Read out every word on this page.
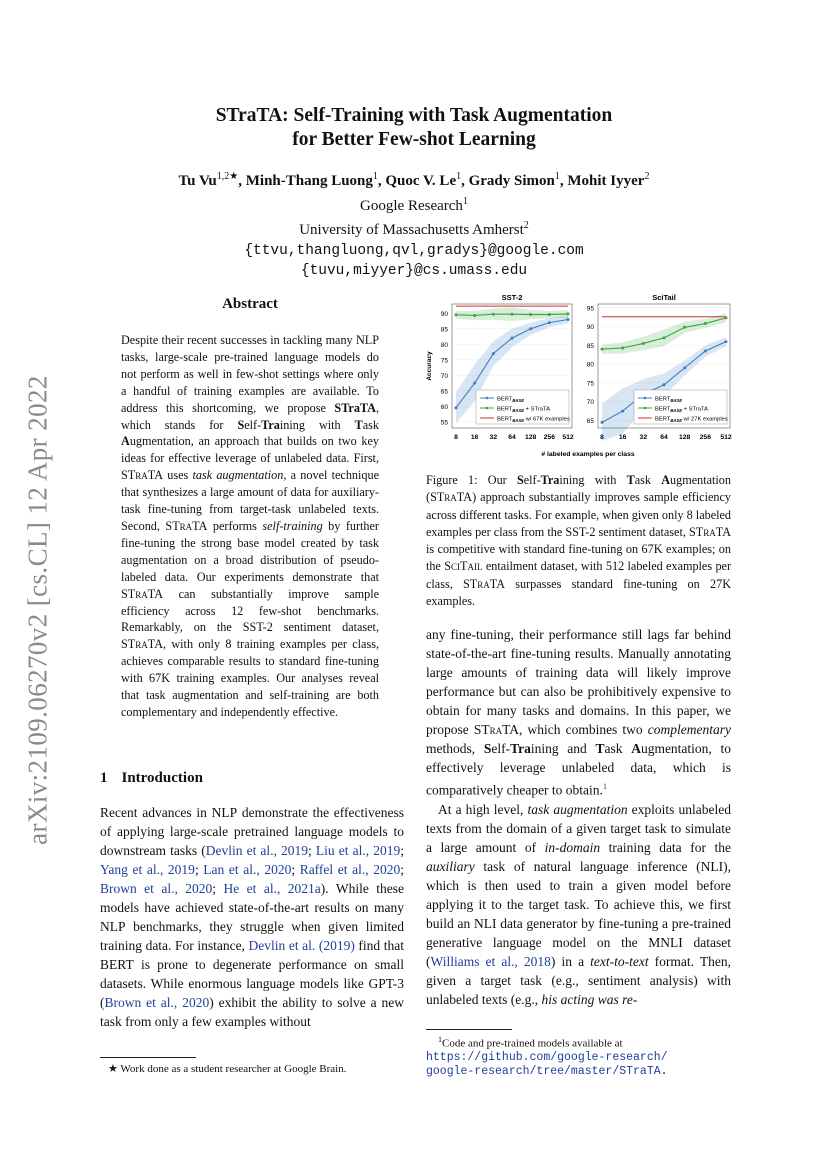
arXiv:2109.06270v2 [cs.CL] 12 Apr 2022
STraTA: Self-Training with Task Augmentation
for Better Few-shot Learning
Tu $Vu^{1,2★}$, Minh-Thang Luong$^1$, Quoc V. Le$^1$, Grady Simon$^1$, Mohit Iyyer$^2$
Google Research$^1$
University of Massachusetts Amherst$^2$
{ttvu,thangluong,qvl,gradys}@google.com
{tuvu,miyyer}@cs.umass.edu
Abstract
Despite their recent successes in tackling many NLP tasks, large-scale pre-trained language models do not perform as well in few-shot settings where only a handful of training examples are available. To address this shortcoming, we propose STraTA, which stands for Self-Training with Task Augmentation, an approach that builds on two key ideas for effective leverage of unlabeled data. First, STraTA uses task augmentation, a novel technique that synthesizes a large amount of data for auxiliary-task fine-tuning from target-task unlabeled texts. Second, STraTA performs self-training by further fine-tuning the strong base model created by task augmentation on a broad distribution of pseudo-labeled data. Our experiments demonstrate that STraTA can substantially improve sample efficiency across 12 few-shot benchmarks. Remarkably, on the SST-2 sentiment dataset, STraTA, with only 8 training examples per class, achieves comparable results to standard fine-tuning with 67K training examples. Our analyses reveal that task augmentation and self-training are both complementary and independently effective.
1 Introduction

Recent advances in NLP demonstrate the effectiveness of applying large-scale pretrained language models to downstream tasks (Devlin et al., 2019; Liu et al., 2019; Yang et al., 2019; Lan et al., 2020; Raffel et al., 2020; Brown et al., 2020; He et al., 2021a). While these models have achieved state-of-the-art results on many NLP benchmarks, they struggle when given limited training data. For instance, Devlin et al. (2019) find that BERT is prone to degenerate performance on small datasets. While enormous language models like GPT-3 (Brown et al., 2020) exhibit the ability to solve a new task from only a few examples without

★ Work done as a student researcher at Google Brain.
SST-2
55
60
65
70
75
80
85
90
8 16 32 64 128 256 512
Accuracy
$BERT_{BASE}$
$BERT_{BASE}$ + STraTA
$BERT_{BASE}$ w/ 67K examples
SciTail
65
70
75
80
85
90
95
8 16 32 64 128 256 512
$BERT_{BASE}$
$BERT_{BASE}$ + STraTA
$BERT_{BASE}$ w/ 27K examples
# labeled examples per class
Figure 1: Our Self-Training with Task Augmentation (STraTA) approach substantially improves sample efficiency across different tasks. For example, when given only 8 labeled examples per class from the SST-2 sentiment dataset, STraTA is competitive with standard fine-tuning on 67K examples; on the SciTail entailment dataset, with 512 labeled examples per class, STraTA surpasses standard fine-tuning on 27K examples.

any fine-tuning, their performance still lags far behind state-of-the-art fine-tuning results. Manually annotating large amounts of training data will likely improve performance but can also be prohibitively expensive to obtain for many tasks and domains. In this paper, we propose STraTA, which combines two complementary methods, Self-Training and Task Augmentation, to effectively leverage unlabeled data, which is comparatively cheaper to obtain.$^1$

At a high level, task augmentation exploits unlabeled texts from the domain of a given target task to simulate a large amount of in-domain training data for the auxiliary task of natural language inference (NLI), which is then used to train a given model before applying it to the target task. To achieve this, we first build an NLI data generator by fine-tuning a pre-trained generative language model on the MNLI dataset (Williams et al., 2018) in a text-to-text format. Then, given a target task (e.g., sentiment analysis) with unlabeled texts (e.g., his acting was re-

$^1$Code and pre-trained models available at
https://github.com/google-research/
google-research/tree/master/STraTA.
